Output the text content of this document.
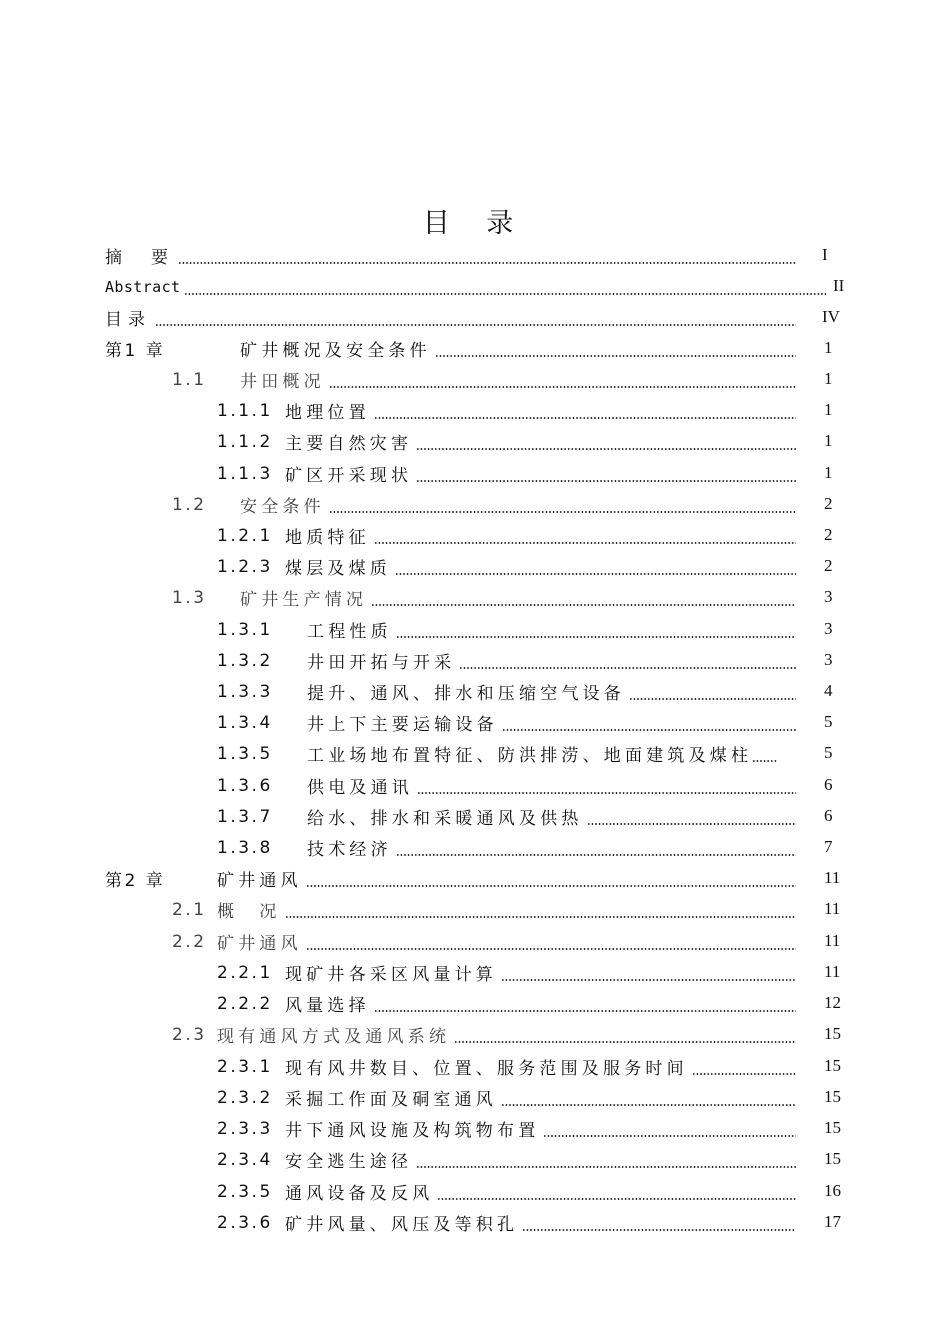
目 录
摘　要	I
Abstract	II
目录	IV
第1 章	矿井概况及安全条件	1
1.1	井田概况	1
1.1.1 地理位置	1
1.1.2 主要自然灾害	1
1.1.3 矿区开采现状	1
1.2	安全条件	2
1.2.1 地质特征	2
1.2.3 煤层及煤质	2
1.3	矿井生产情况	3
1.3.1	工程性质	3
1.3.2	井田开拓与开采	3
1.3.3	提升、通风、排水和压缩空气设备	4
1.3.4	井上下主要运输设备	5
1.3.5	工业场地布置特征、防洪排涝、地面建筑及煤柱	5
1.3.6	供电及通讯	6
1.3.7	给水、排水和采暖通风及供热	6
1.3.8	技术经济	7
第2 章	矿井通风	11
2.1 概　况	11
2.2 矿井通风	11
2.2.1 现矿井各采区风量计算	11
2.2.2 风量选择	12
2.3 现有通风方式及通风系统	15
2.3.1 现有风井数目、位置、服务范围及服务时间	15
2.3.2 采掘工作面及硐室通风	15
2.3.3 井下通风设施及构筑物布置	15
2.3.4 安全逃生途径	15
2.3.5 通风设备及反风	16
2.3.6 矿井风量、风压及等积孔	17
